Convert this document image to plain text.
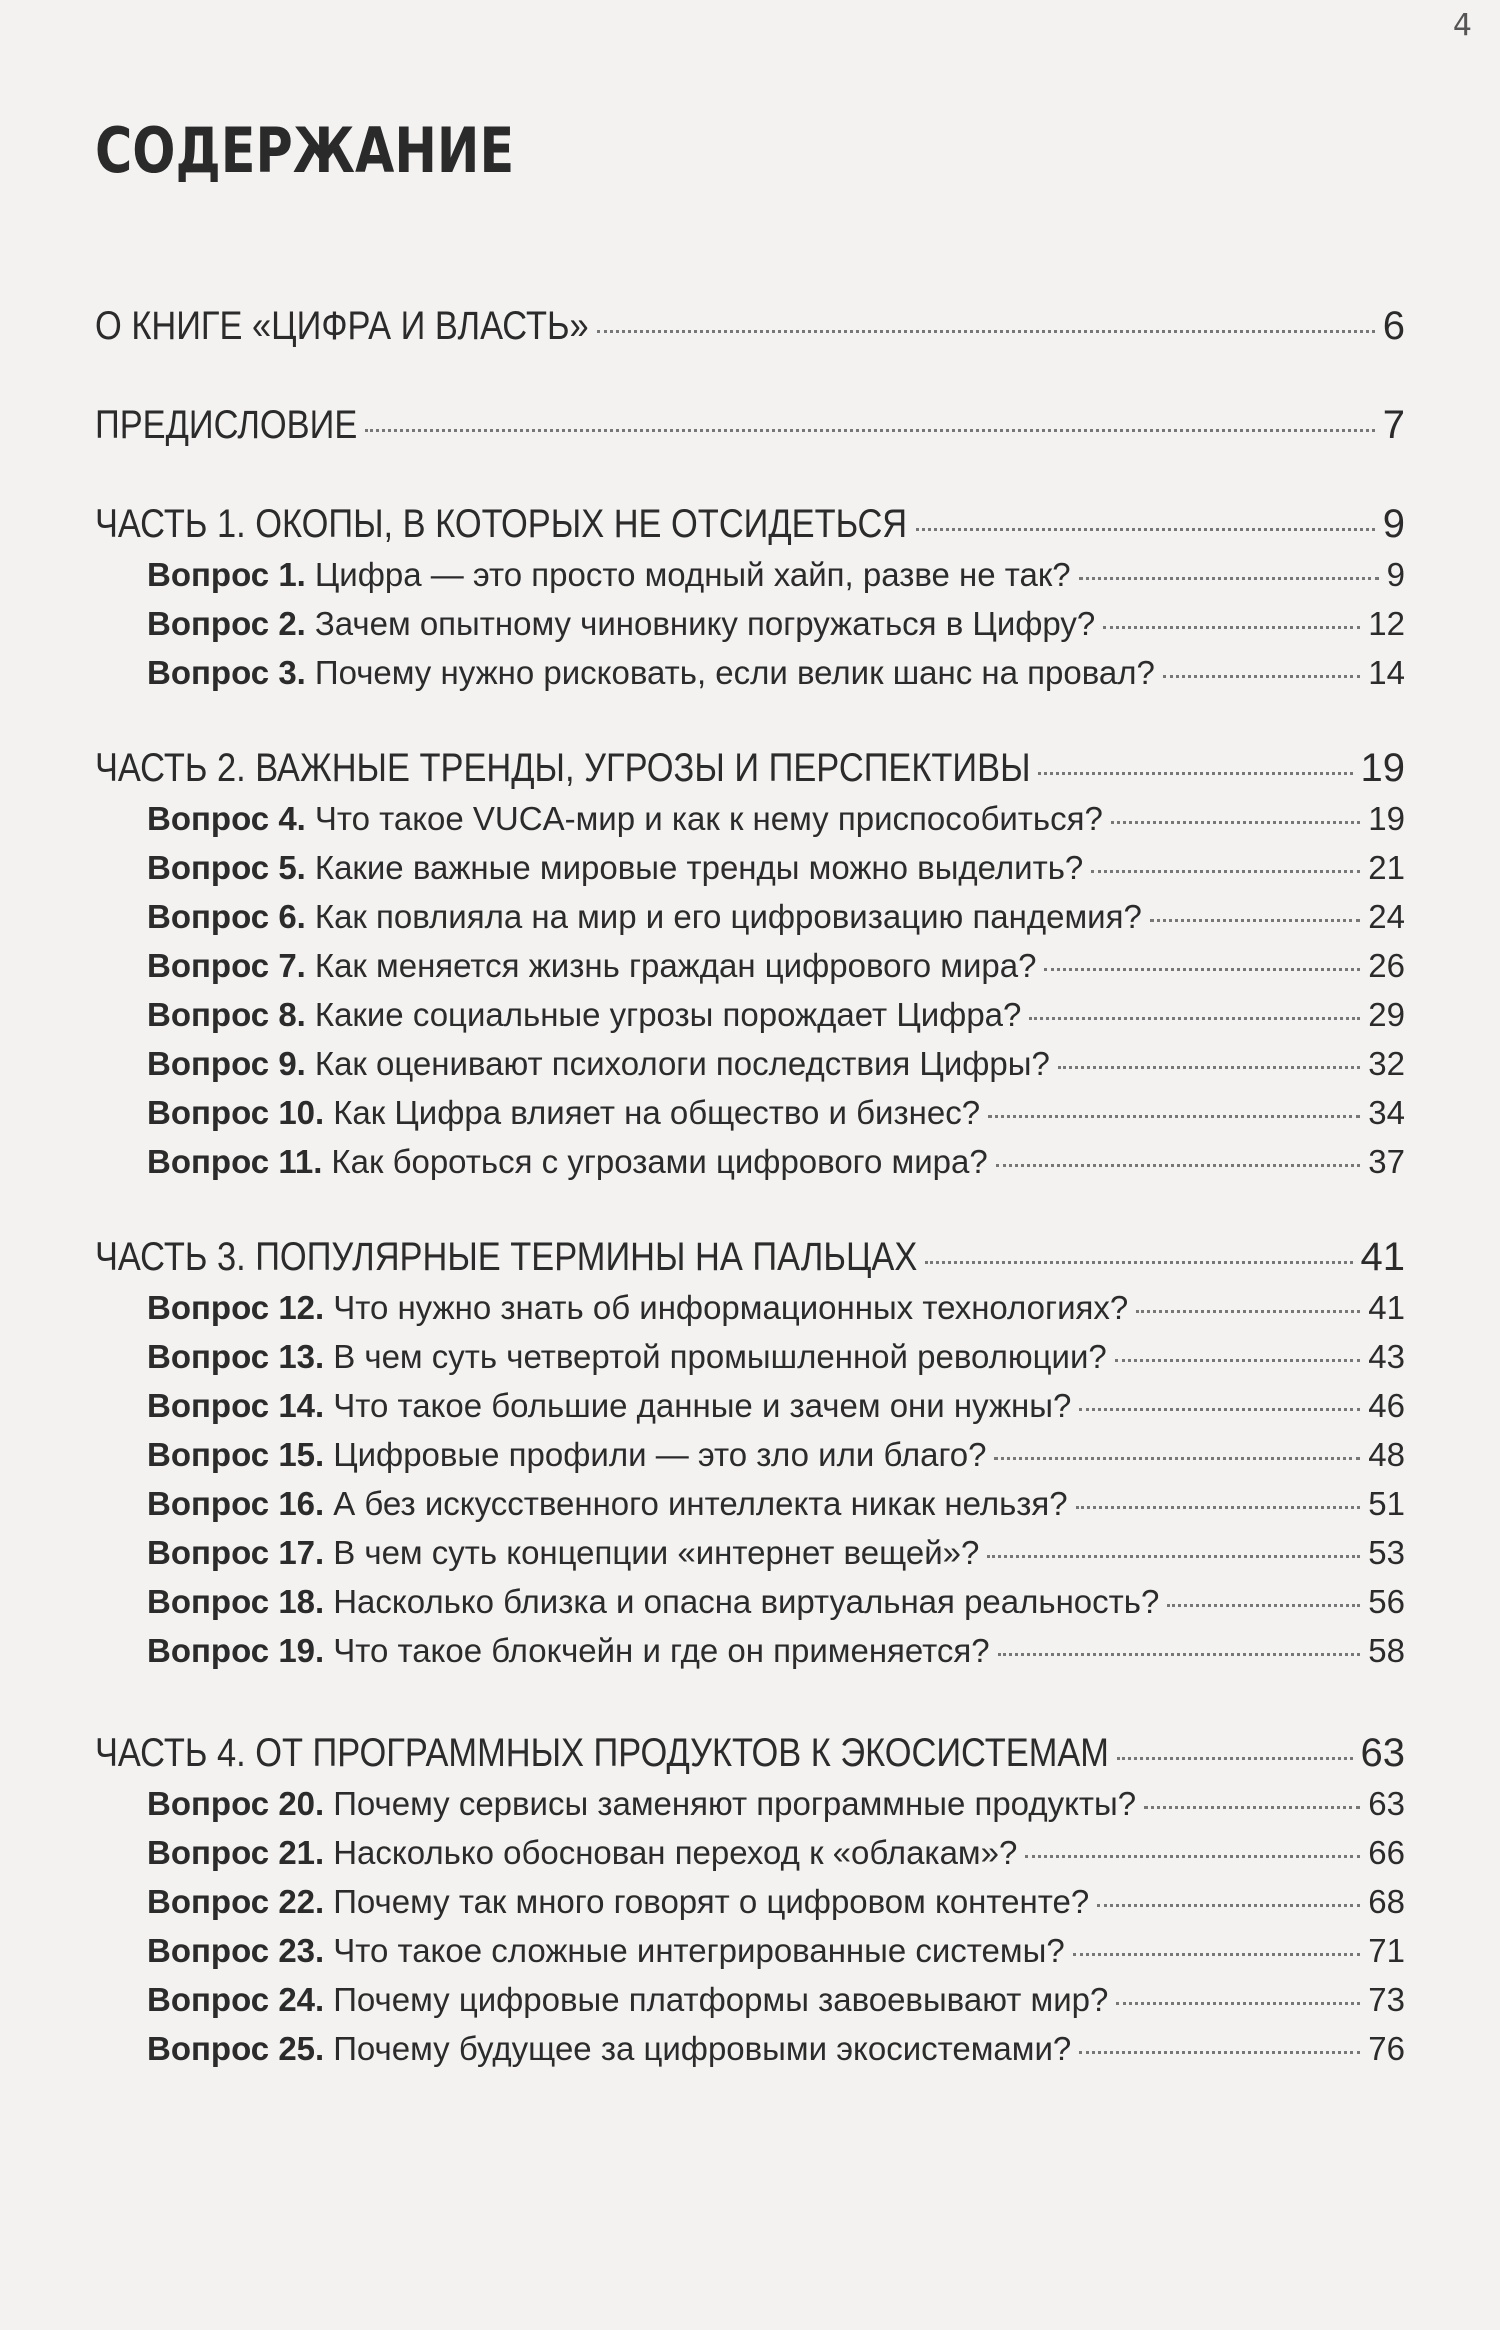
4
СОДЕРЖАНИЕ
О КНИГЕ «ЦИФРА И ВЛАСТЬ»	6
ПРЕДИСЛОВИЕ	7
ЧАСТЬ 1. ОКОПЫ, В КОТОРЫХ НЕ ОТСИДЕТЬСЯ	9
Вопрос 1. Цифра — это просто модный хайп, разве не так?	9
Вопрос 2. Зачем опытному чиновнику погружаться в Цифру?	12
Вопрос 3. Почему нужно рисковать, если велик шанс на провал?	14
ЧАСТЬ 2. ВАЖНЫЕ ТРЕНДЫ, УГРОЗЫ И ПЕРСПЕКТИВЫ	19
Вопрос 4. Что такое VUCA-мир и как к нему приспособиться?	19
Вопрос 5. Какие важные мировые тренды можно выделить?	21
Вопрос 6. Как повлияла на мир и его цифровизацию пандемия?	24
Вопрос 7. Как меняется жизнь граждан цифрового мира?	26
Вопрос 8. Какие социальные угрозы порождает Цифра?	29
Вопрос 9. Как оценивают психологи последствия Цифры?	32
Вопрос 10. Как Цифра влияет на общество и бизнес?	34
Вопрос 11. Как бороться с угрозами цифрового мира?	37
ЧАСТЬ 3. ПОПУЛЯРНЫЕ ТЕРМИНЫ НА ПАЛЬЦАХ	41
Вопрос 12. Что нужно знать об информационных технологиях?	41
Вопрос 13. В чем суть четвертой промышленной революции?	43
Вопрос 14. Что такое большие данные и зачем они нужны?	46
Вопрос 15. Цифровые профили — это зло или благо?	48
Вопрос 16. А без искусственного интеллекта никак нельзя?	51
Вопрос 17. В чем суть концепции «интернет вещей»?	53
Вопрос 18. Насколько близка и опасна виртуальная реальность?	56
Вопрос 19. Что такое блокчейн и где он применяется?	58
ЧАСТЬ 4. ОТ ПРОГРАММНЫХ ПРОДУКТОВ К ЭКОСИСТЕМАМ	63
Вопрос 20. Почему сервисы заменяют программные продукты?	63
Вопрос 21. Насколько обоснован переход к «облакам»?	66
Вопрос 22. Почему так много говорят о цифровом контенте?	68
Вопрос 23. Что такое сложные интегрированные системы?	71
Вопрос 24. Почему цифровые платформы завоевывают мир?	73
Вопрос 25. Почему будущее за цифровыми экосистемами?	76
